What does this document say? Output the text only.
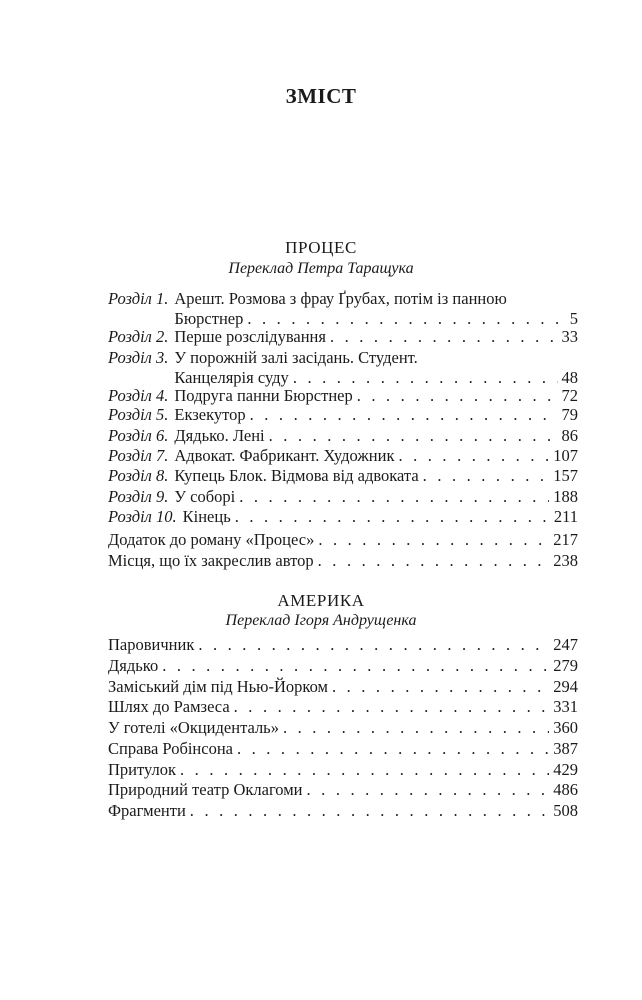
ЗМІСТ
ПРОЦЕС
Переклад Петра Таращука
Розділ 1. Арешт. Розмова з фрау Ґрубах, потім із панною
Бюрстнер . . .	5
Розділ 2. Перше розслідування . . .	33
Розділ 3. У порожній залі засідань. Студент.
Канцелярія суду . . .	48
Розділ 4. Подруга панни Бюрстнер . . .	72
Розділ 5. Екзекутор . . .	79
Розділ 6. Дядько. Лені . . .	86
Розділ 7. Адвокат. Фабрикант. Художник . . .	107
Розділ 8. Купець Блок. Відмова від адвоката . . .	157
Розділ 9. У соборі . . .	188
Розділ 10. Кінець . . .	211
Додаток до роману «Процес» . . .	217
Місця, що їх закреслив автор . . .	238
АМЕРИКА
Переклад Ігоря Андрущенка
Паровичник . . .	247
Дядько . . .	279
Заміський дім під Нью-Йорком . . .	294
Шлях до Рамзеса . . .	331
У готелі «Окциденталь» . . .	360
Справа Робінсона . . .	387
Притулок . . .	429
Природний театр Оклагоми . . .	486
Фрагменти . . .	508
